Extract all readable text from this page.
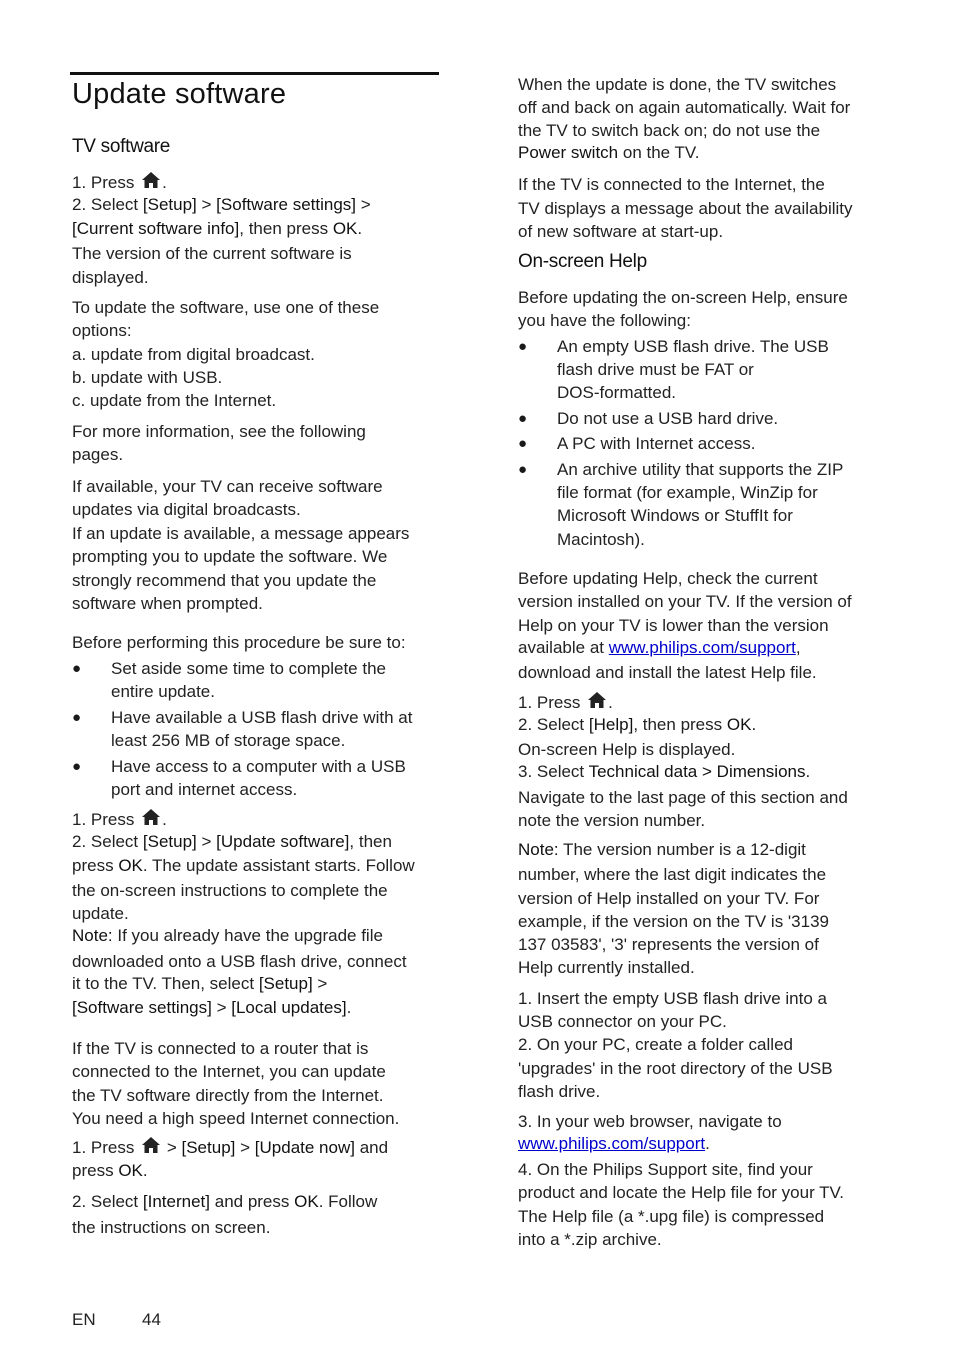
Update software
TV software

1. Press .

2. Select [Setup] > [Software settings] >

[Current software info], then press OK.

The version of the current software is

displayed.

To update the software, use one of these

options:

a. update from digital broadcast.

b. update with USB.

c. update from the Internet.

For more information, see the following

pages.

If available, your TV can receive software

updates via digital broadcasts.

If an update is available, a message appears

prompting you to update the software. We

strongly recommend that you update the

software when prompted.

Before performing this procedure be sure to:

● Set aside some time to complete the

entire update.

● Have available a USB flash drive with at

least 256 MB of storage space.

● Have access to a computer with a USB

port and internet access.

1. Press .

2. Select [Setup] > [Update software], then

press OK. The update assistant starts. Follow

the on-screen instructions to complete the

update.

Note: If you already have the upgrade file

downloaded onto a USB flash drive, connect

it to the TV. Then, select [Setup] >

[Software settings] > [Local updates].

If the TV is connected to a router that is

connected to the Internet, you can update

the TV software directly from the Internet.

You need a high speed Internet connection.

1. Press > [Setup] > [Update now] and

press OK.

2. Select [Internet] and press OK. Follow

the instructions on screen.

When the update is done, the TV switches

off and back on again automatically. Wait for

the TV to switch back on; do not use the

Power switch on the TV.

If the TV is connected to the Internet, the

TV displays a message about the availability

of new software at start-up.

On-screen Help

Before updating the on-screen Help, ensure

you have the following:

● An empty USB flash drive. The USB

flash drive must be FAT or

DOS-formatted.

● Do not use a USB hard drive.

● A PC with Internet access.

● An archive utility that supports the ZIP

file format (for example, WinZip for

Microsoft Windows or StuffIt for

Macintosh).

Before updating Help, check the current

version installed on your TV. If the version of

Help on your TV is lower than the version

available at www.philips.com/support,

download and install the latest Help file.

1. Press .

2. Select [Help], then press OK.

On-screen Help is displayed.

3. Select Technical data > Dimensions.

Navigate to the last page of this section and

note the version number.

Note: The version number is a 12-digit

number, where the last digit indicates the

version of Help installed on your TV. For

example, if the version on the TV is '3139

137 03583', '3' represents the version of

Help currently installed.

1. Insert the empty USB flash drive into a

USB connector on your PC.

2. On your PC, create a folder called

'upgrades' in the root directory of the USB

flash drive.

3. In your web browser, navigate to

www.philips.com/support.

4. On the Philips Support site, find your

product and locate the Help file for your TV.

The Help file (a *.upg file) is compressed

into a *.zip archive.

EN	44
